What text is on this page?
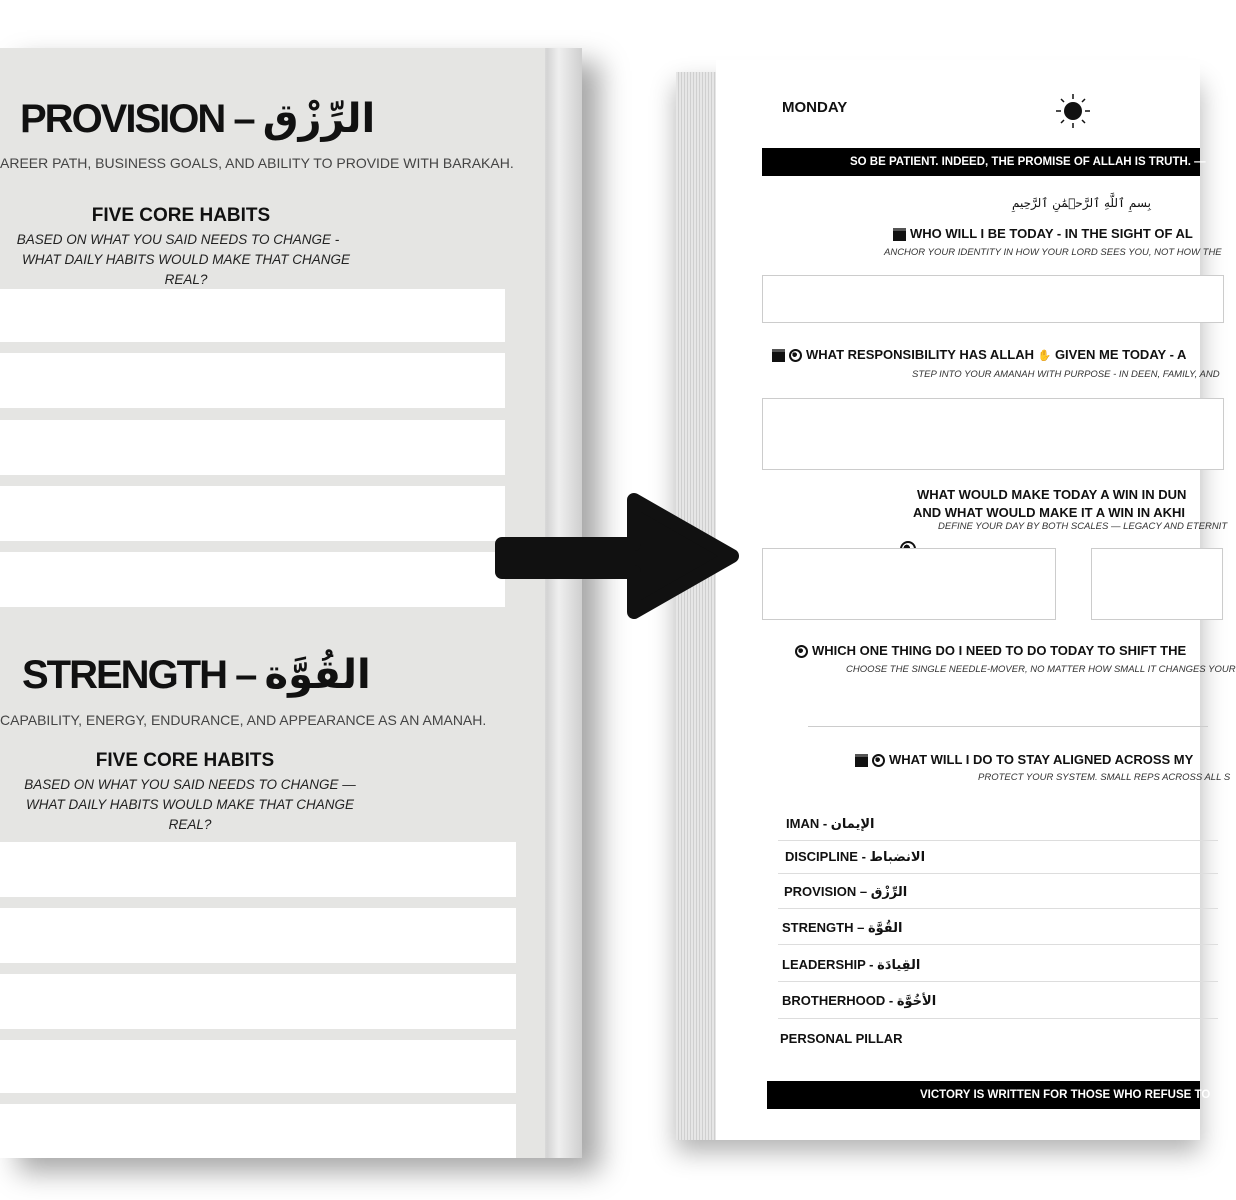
PROVISION – الرِّزْق
AREER PATH, BUSINESS GOALS, AND ABILITY TO PROVIDE WITH BARAKAH.
FIVE CORE HABITS
BASED ON WHAT YOU SAID NEEDS TO CHANGE -
WHAT DAILY HABITS WOULD MAKE THAT CHANGE REAL?
STRENGTH – القُوَّة
CAPABILITY, ENERGY, ENDURANCE, AND APPEARANCE AS AN AMANAH.
FIVE CORE HABITS
BASED ON WHAT YOU SAID NEEDS TO CHANGE —
WHAT DAILY HABITS WOULD MAKE THAT CHANGE REAL?
MONDAY
SO BE PATIENT. INDEED, THE PROMISE OF ALLAH IS TRUTH. —
بِسمِ ٱللَّهِ ٱلرَّحۡمَٰنِ ٱلرَّحِيمِ
WHO WILL I BE TODAY - IN THE SIGHT OF AL
ANCHOR YOUR IDENTITY IN HOW YOUR LORD SEES YOU, NOT HOW THE
WHAT RESPONSIBILITY HAS ALLAH ✋ GIVEN ME TODAY - A
STEP INTO YOUR AMANAH WITH PURPOSE - IN DEEN, FAMILY, AND
WHAT WOULD MAKE TODAY A WIN IN DUN
AND WHAT WOULD MAKE IT A WIN IN AKHI
DEFINE YOUR DAY BY BOTH SCALES — LEGACY AND ETERNIT
WHICH ONE THING DO I NEED TO DO TODAY TO SHIFT THE
CHOOSE THE SINGLE NEEDLE-MOVER, NO MATTER HOW SMALL IT CHANGES YOUR
WHAT WILL I DO TO STAY ALIGNED ACROSS MY
PROTECT YOUR SYSTEM. SMALL REPS ACROSS ALL S
IMAN - الإيمان
DISCIPLINE - الانضباط
PROVISION – الرِّزْق
STRENGTH – القُوَّة
LEADERSHIP - القِيادَة
BROTHERHOOD - الأخُوَّة
PERSONAL PILLAR
VICTORY IS WRITTEN FOR THOSE WHO REFUSE TO
